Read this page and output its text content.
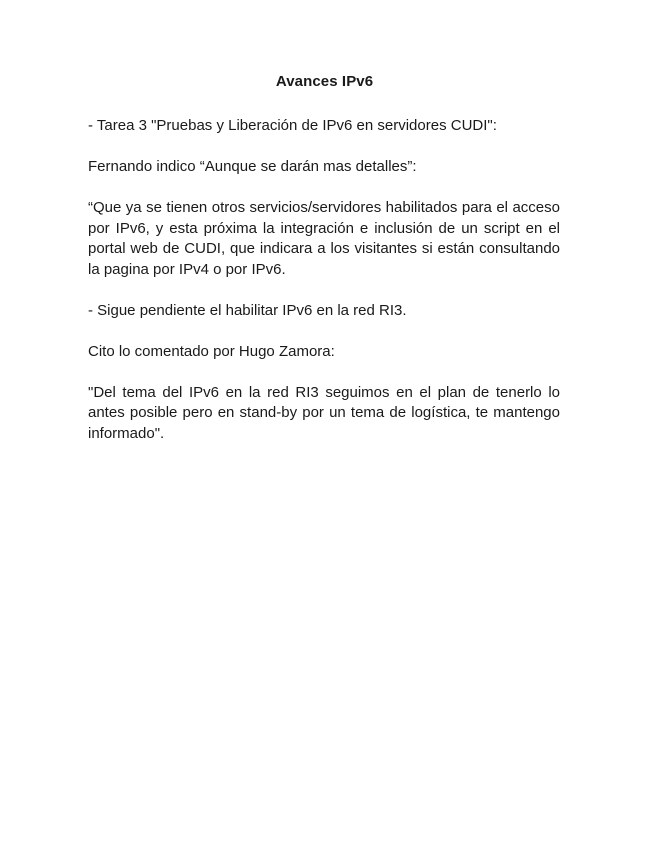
Avances IPv6

- Tarea 3 "Pruebas y Liberación de IPv6 en servidores CUDI":

Fernando indico “Aunque se darán mas detalles”:

“Que ya se tienen otros servicios/servidores habilitados para el acceso por IPv6, y esta próxima la integración e inclusión de un script en el portal web de CUDI, que indicara a los visitantes si están consultando la pagina por IPv4 o por IPv6.

- Sigue pendiente el habilitar IPv6 en la red RI3.

Cito lo comentado por Hugo Zamora:

"Del tema del IPv6 en la red RI3 seguimos en el plan de tenerlo lo antes posible pero en stand-by por un tema de logística, te mantengo informado".
